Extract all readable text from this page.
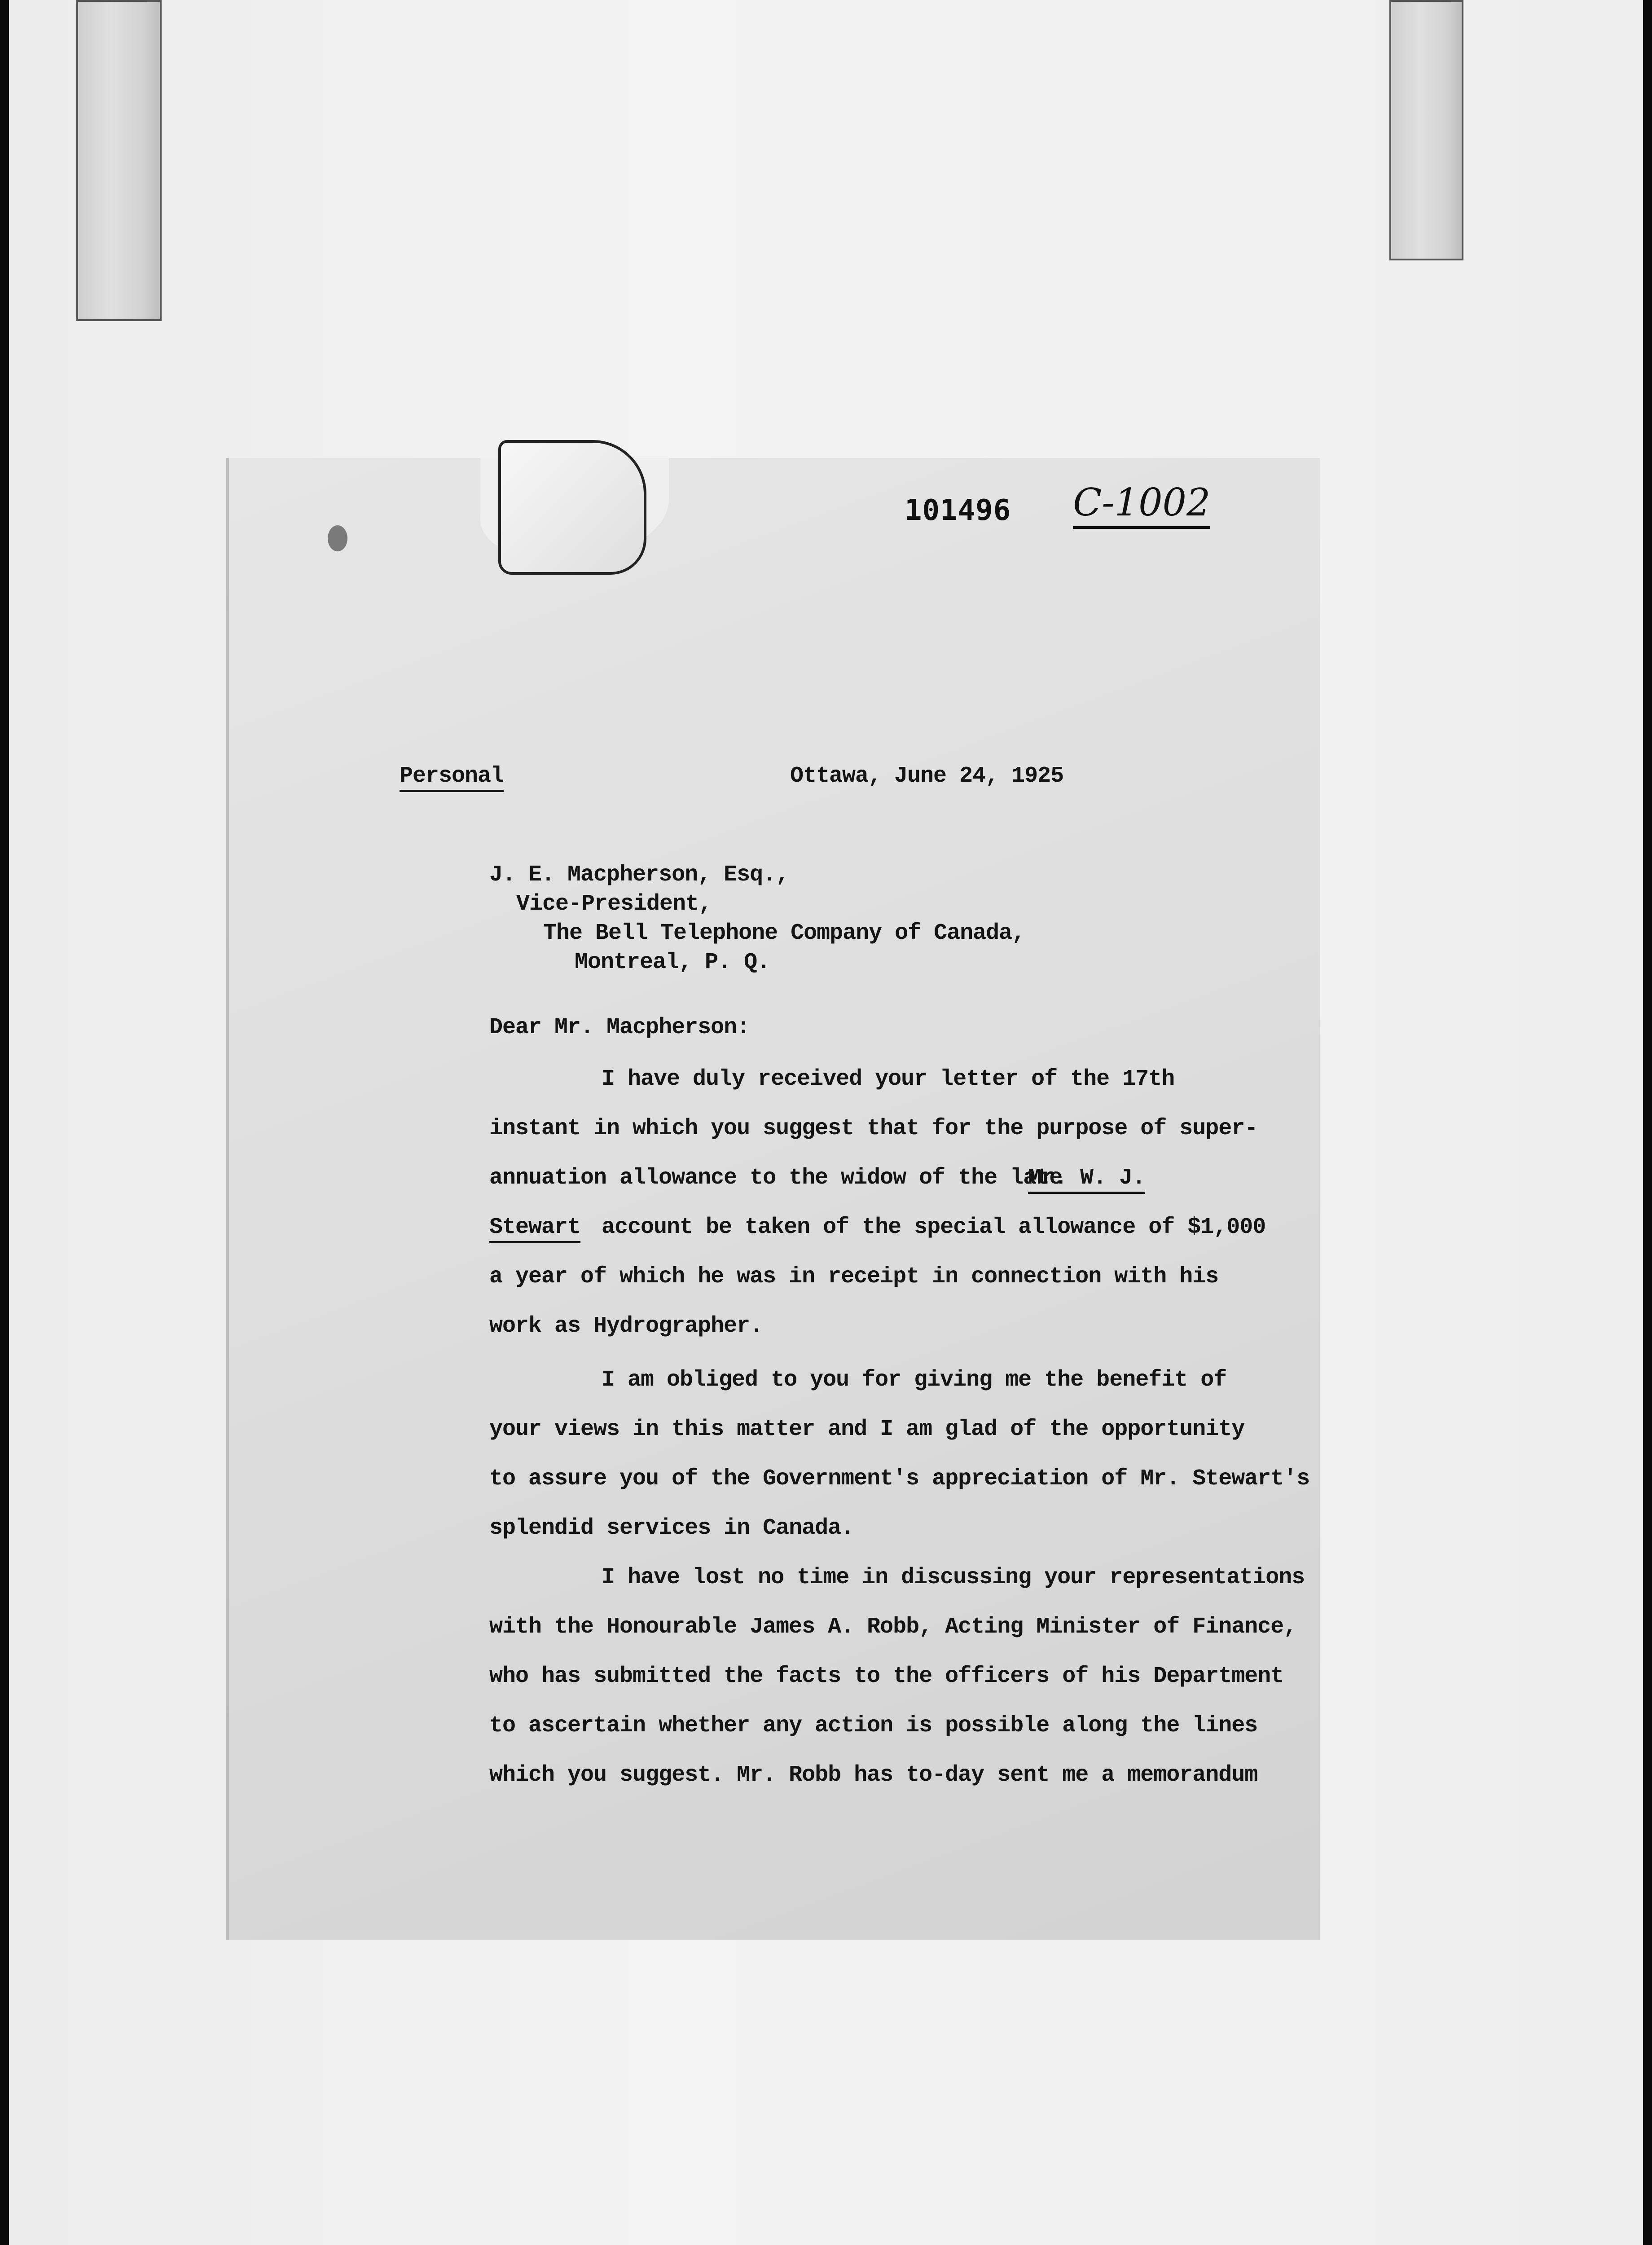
101496 C-1002
Personal	Ottawa, June 24, 1925
J. E. Macpherson, Esq.,
Vice-President,
The Bell Telephone Company of Canada,
Montreal, P. Q.
Dear Mr. Macpherson:
I have duly received your letter of the 17th
instant in which you suggest that for the purpose of super-
annuation allowance to the widow of the late
Mr. W. J.
Stewart account be taken of the special allowance of $1,000
a year of which he was in receipt in connection with his
work as Hydrographer.
I am obliged to you for giving me the benefit of
your views in this matter and I am glad of the opportunity
to assure you of the Government's appreciation of Mr. Stewart's
splendid services in Canada.
I have lost no time in discussing your representations
with the Honourable James A. Robb, Acting Minister of Finance,
who has submitted the facts to the officers of his Department
to ascertain whether any action is possible along the lines
which you suggest. Mr. Robb has to-day sent me a memorandum
